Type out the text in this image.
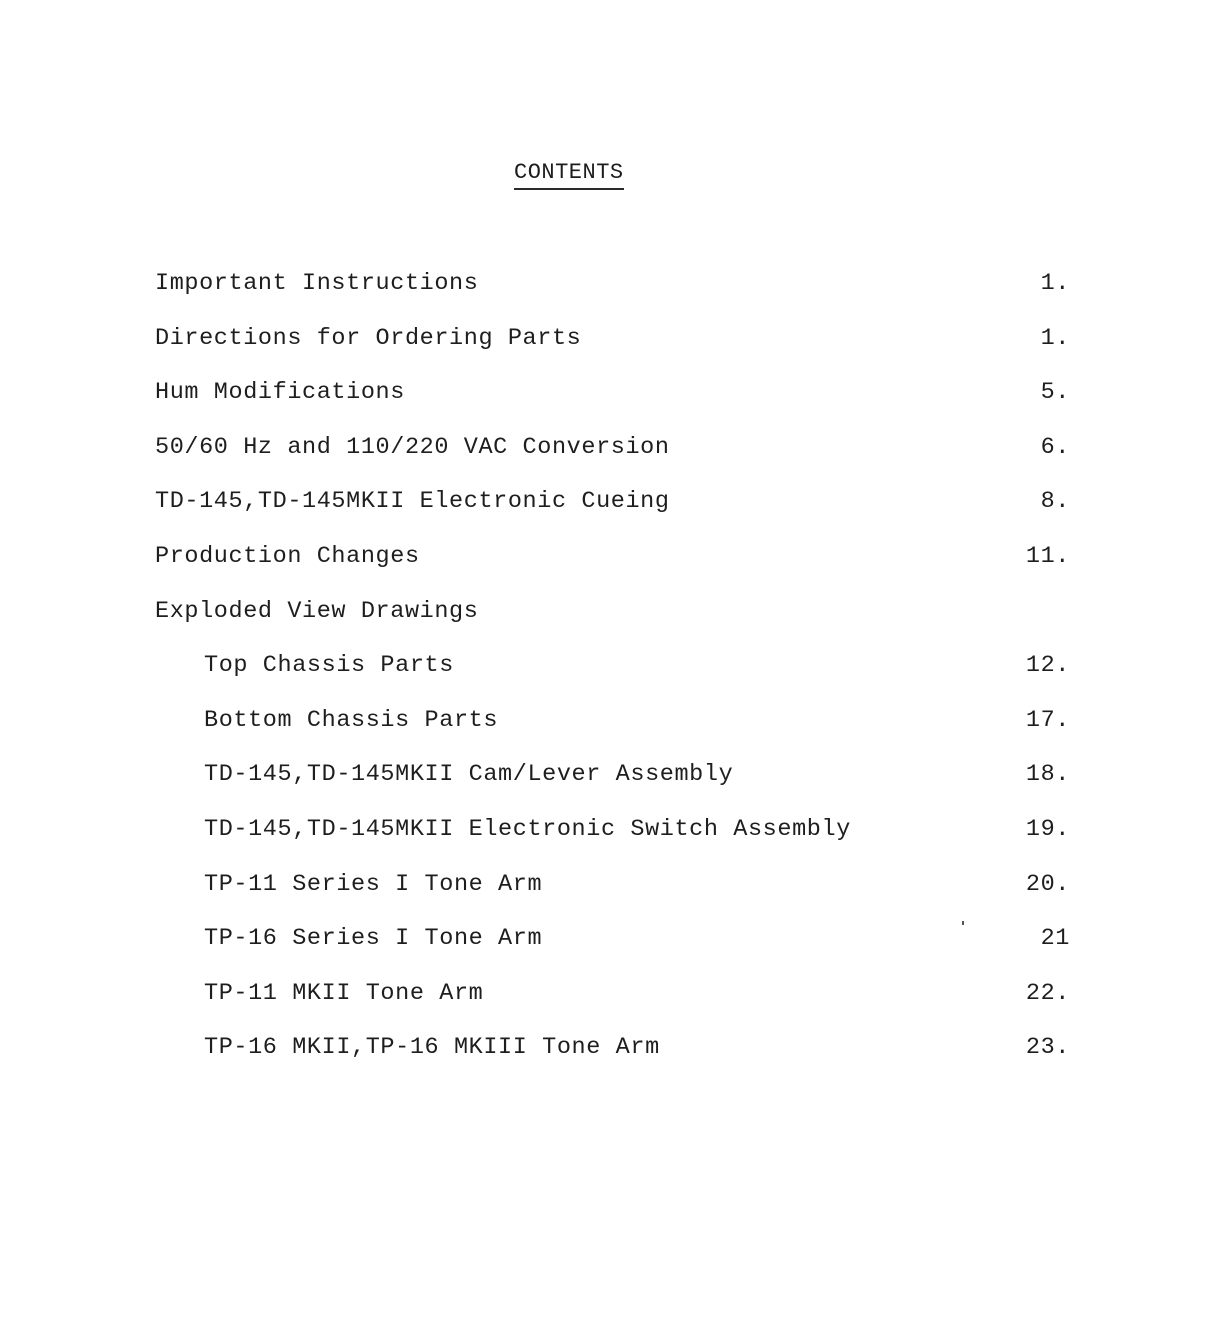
CONTENTS
Important Instructions	1.
Directions for Ordering Parts	1.
Hum Modifications	5.
50/60 Hz and 110/220 VAC Conversion	6.
TD-145,TD-145MKII Electronic Cueing	8.
Production Changes	11.
Exploded View Drawings
Top Chassis Parts	12.
Bottom Chassis Parts	17.
TD-145,TD-145MKII Cam/Lever Assembly	18.
TD-145,TD-145MKII Electronic Switch Assembly	19.
TP-11 Series I Tone Arm	20.
TP-16 Series I Tone Arm	21
TP-11 MKII Tone Arm	22.
TP-16 MKII,TP-16 MKIII Tone Arm	23.
